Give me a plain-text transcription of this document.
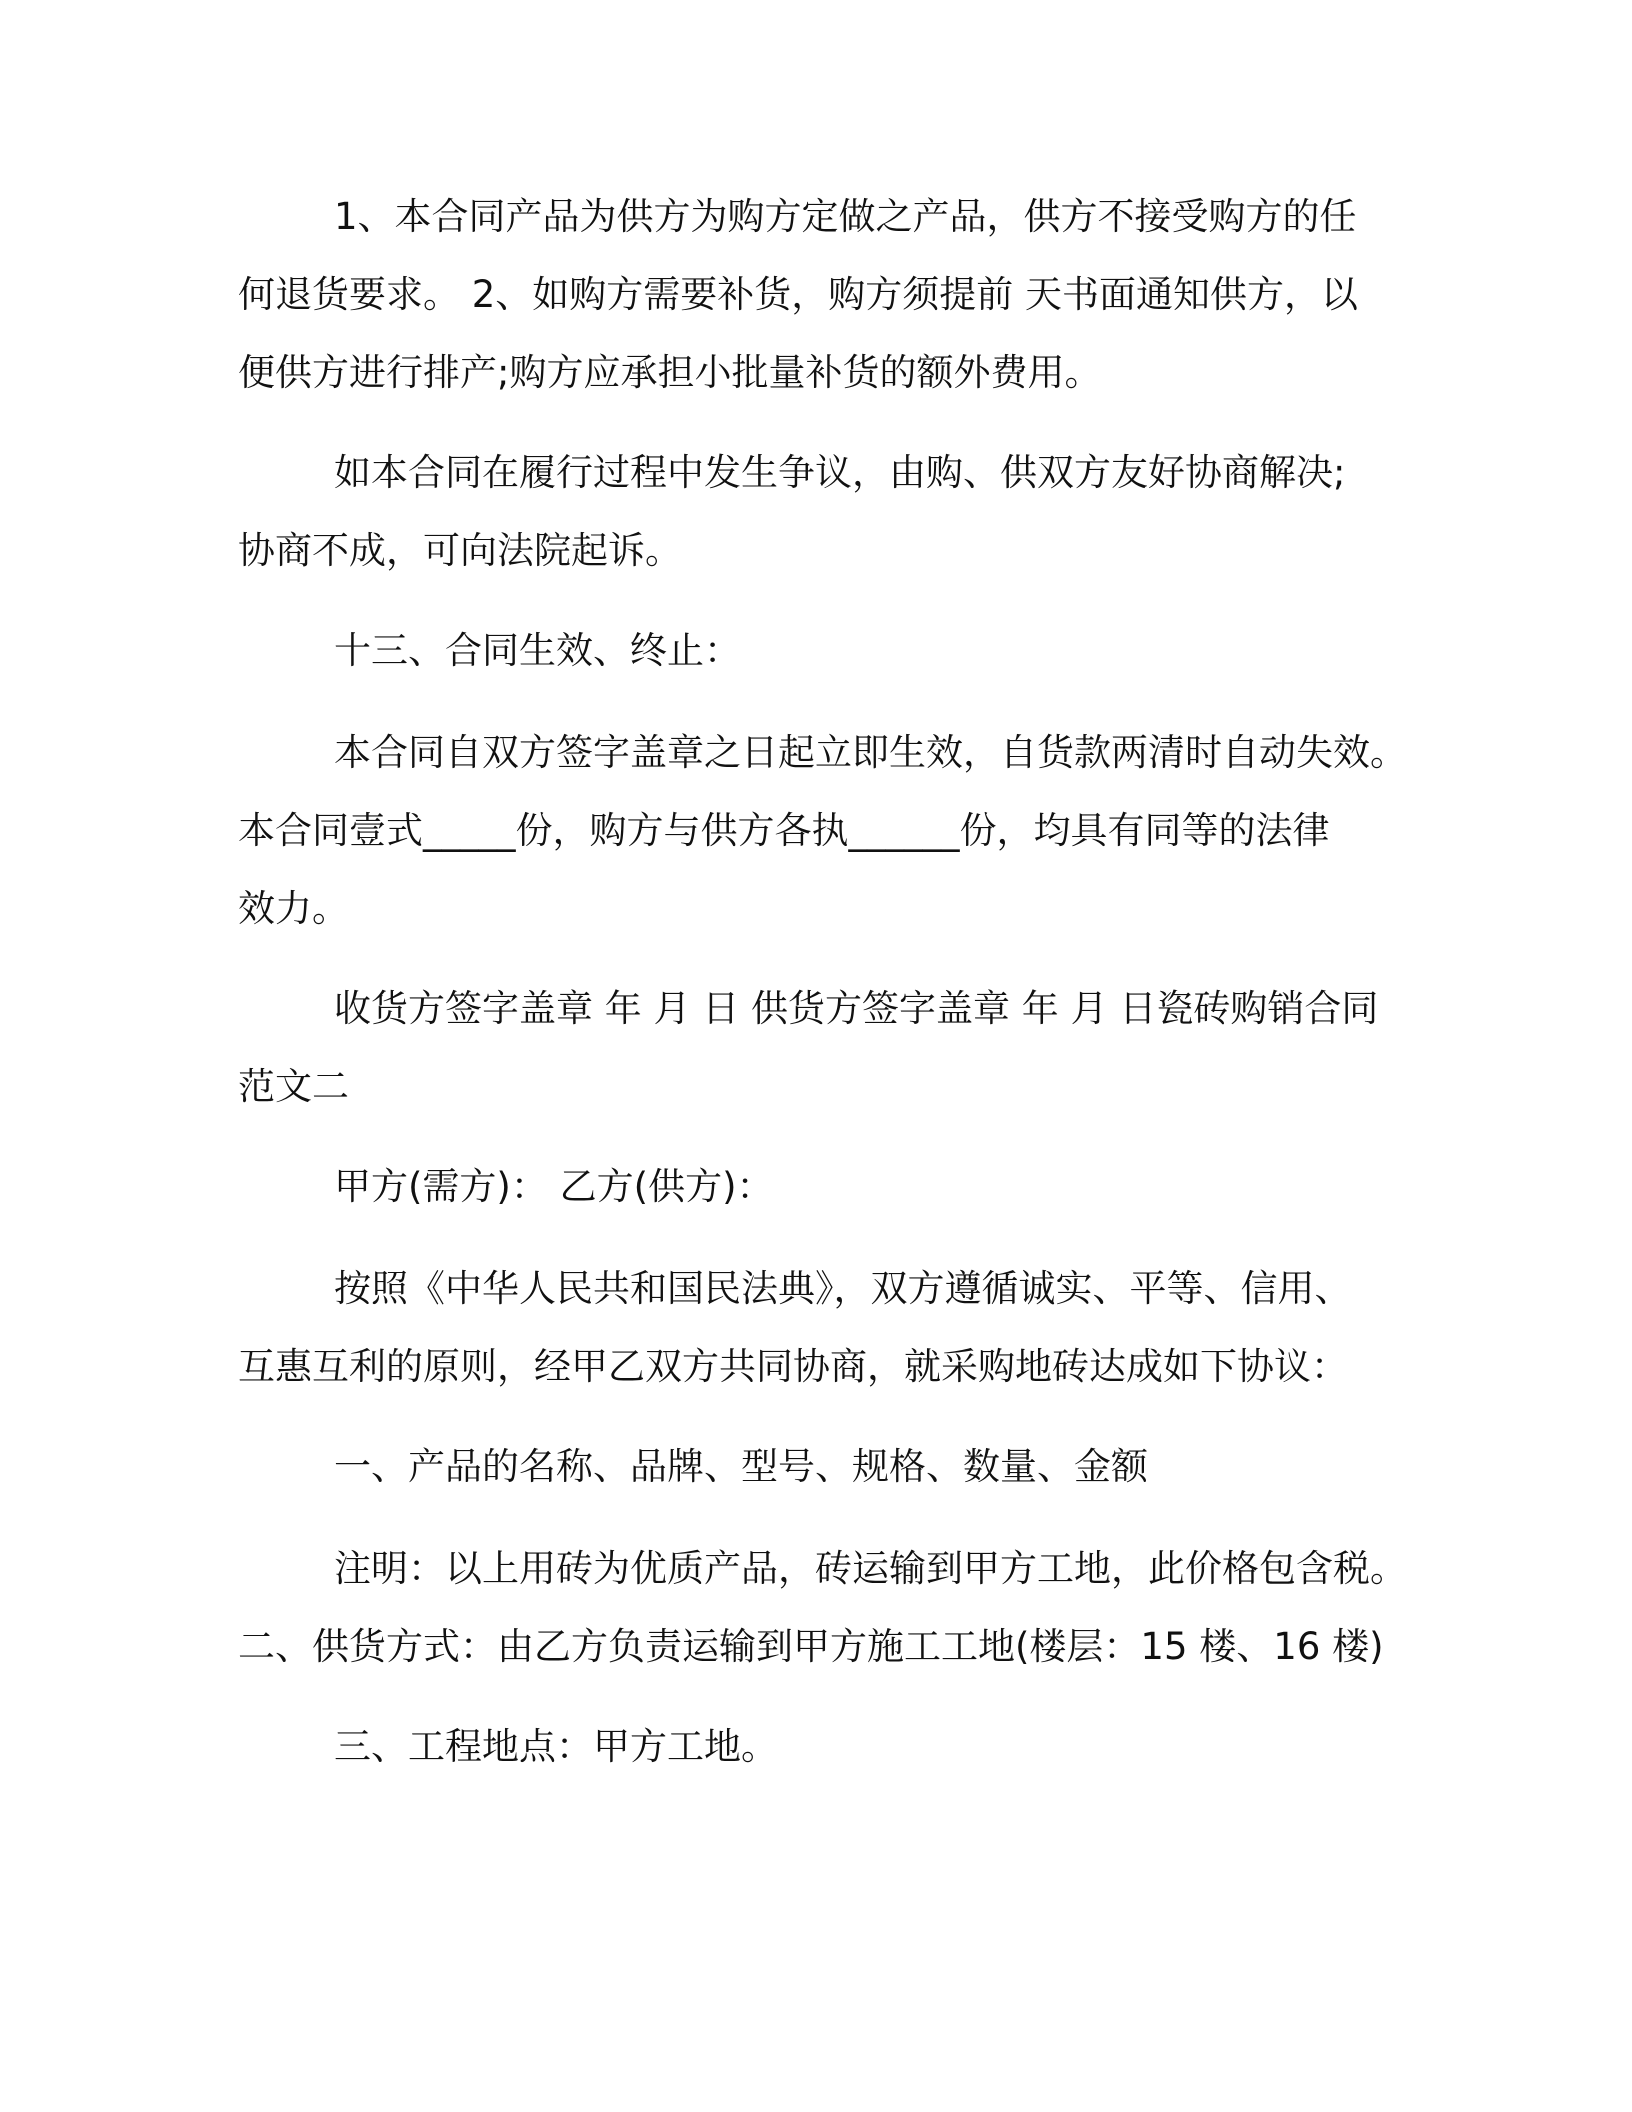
1、本合同产品为供方为购方定做之产品，供方不接受购方的任
何退货要求。 2、如购方需要补货，购方须提前 天书面通知供方，以
便供方进行排产;购方应承担小批量补货的额外费用。
如本合同在履行过程中发生争议，由购、供双方友好协商解决;
协商不成，可向法院起诉。
十三、合同生效、终止：
本合同自双方签字盖章之日起立即生效，自货款两清时自动失效。
本合同壹式_____份，购方与供方各执______份，均具有同等的法律
效力。
收货方签字盖章 年 月 日 供货方签字盖章 年 月 日瓷砖购销合同
范文二
甲方(需方)： 乙方(供方)：
按照《中华人民共和国民法典》，双方遵循诚实、平等、信用、
互惠互利的原则，经甲乙双方共同协商，就采购地砖达成如下协议：
一、产品的名称、品牌、型号、规格、数量、金额
注明：以上用砖为优质产品，砖运输到甲方工地，此价格包含税。
二、供货方式：由乙方负责运输到甲方施工工地(楼层：15 楼、16 楼)
三、工程地点：甲方工地。
